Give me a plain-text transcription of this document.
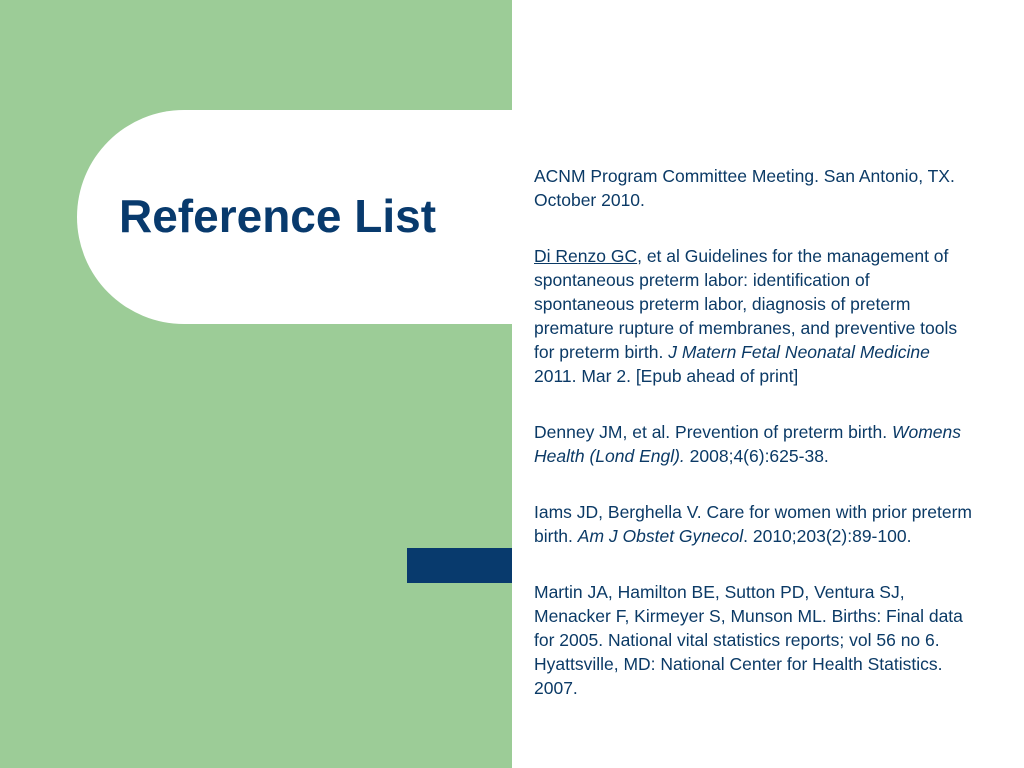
Reference List

ACNM Program Committee Meeting. San Antonio, TX. October 2010.

Di Renzo GC, et al Guidelines for the management of spontaneous preterm labor: identification of spontaneous preterm labor, diagnosis of preterm premature rupture of membranes, and preventive tools for preterm birth. J Matern Fetal Neonatal Medicine 2011. Mar 2. [Epub ahead of print]

Denney JM, et al. Prevention of preterm birth. Womens Health (Lond Engl). 2008;4(6):625-38.

Iams JD, Berghella V. Care for women with prior preterm birth. Am J Obstet Gynecol. 2010;203(2):89-100.

Martin JA, Hamilton BE, Sutton PD, Ventura SJ, Menacker F, Kirmeyer S, Munson ML. Births: Final data for 2005. National vital statistics reports; vol 56 no 6. Hyattsville, MD: National Center for Health Statistics. 2007.
